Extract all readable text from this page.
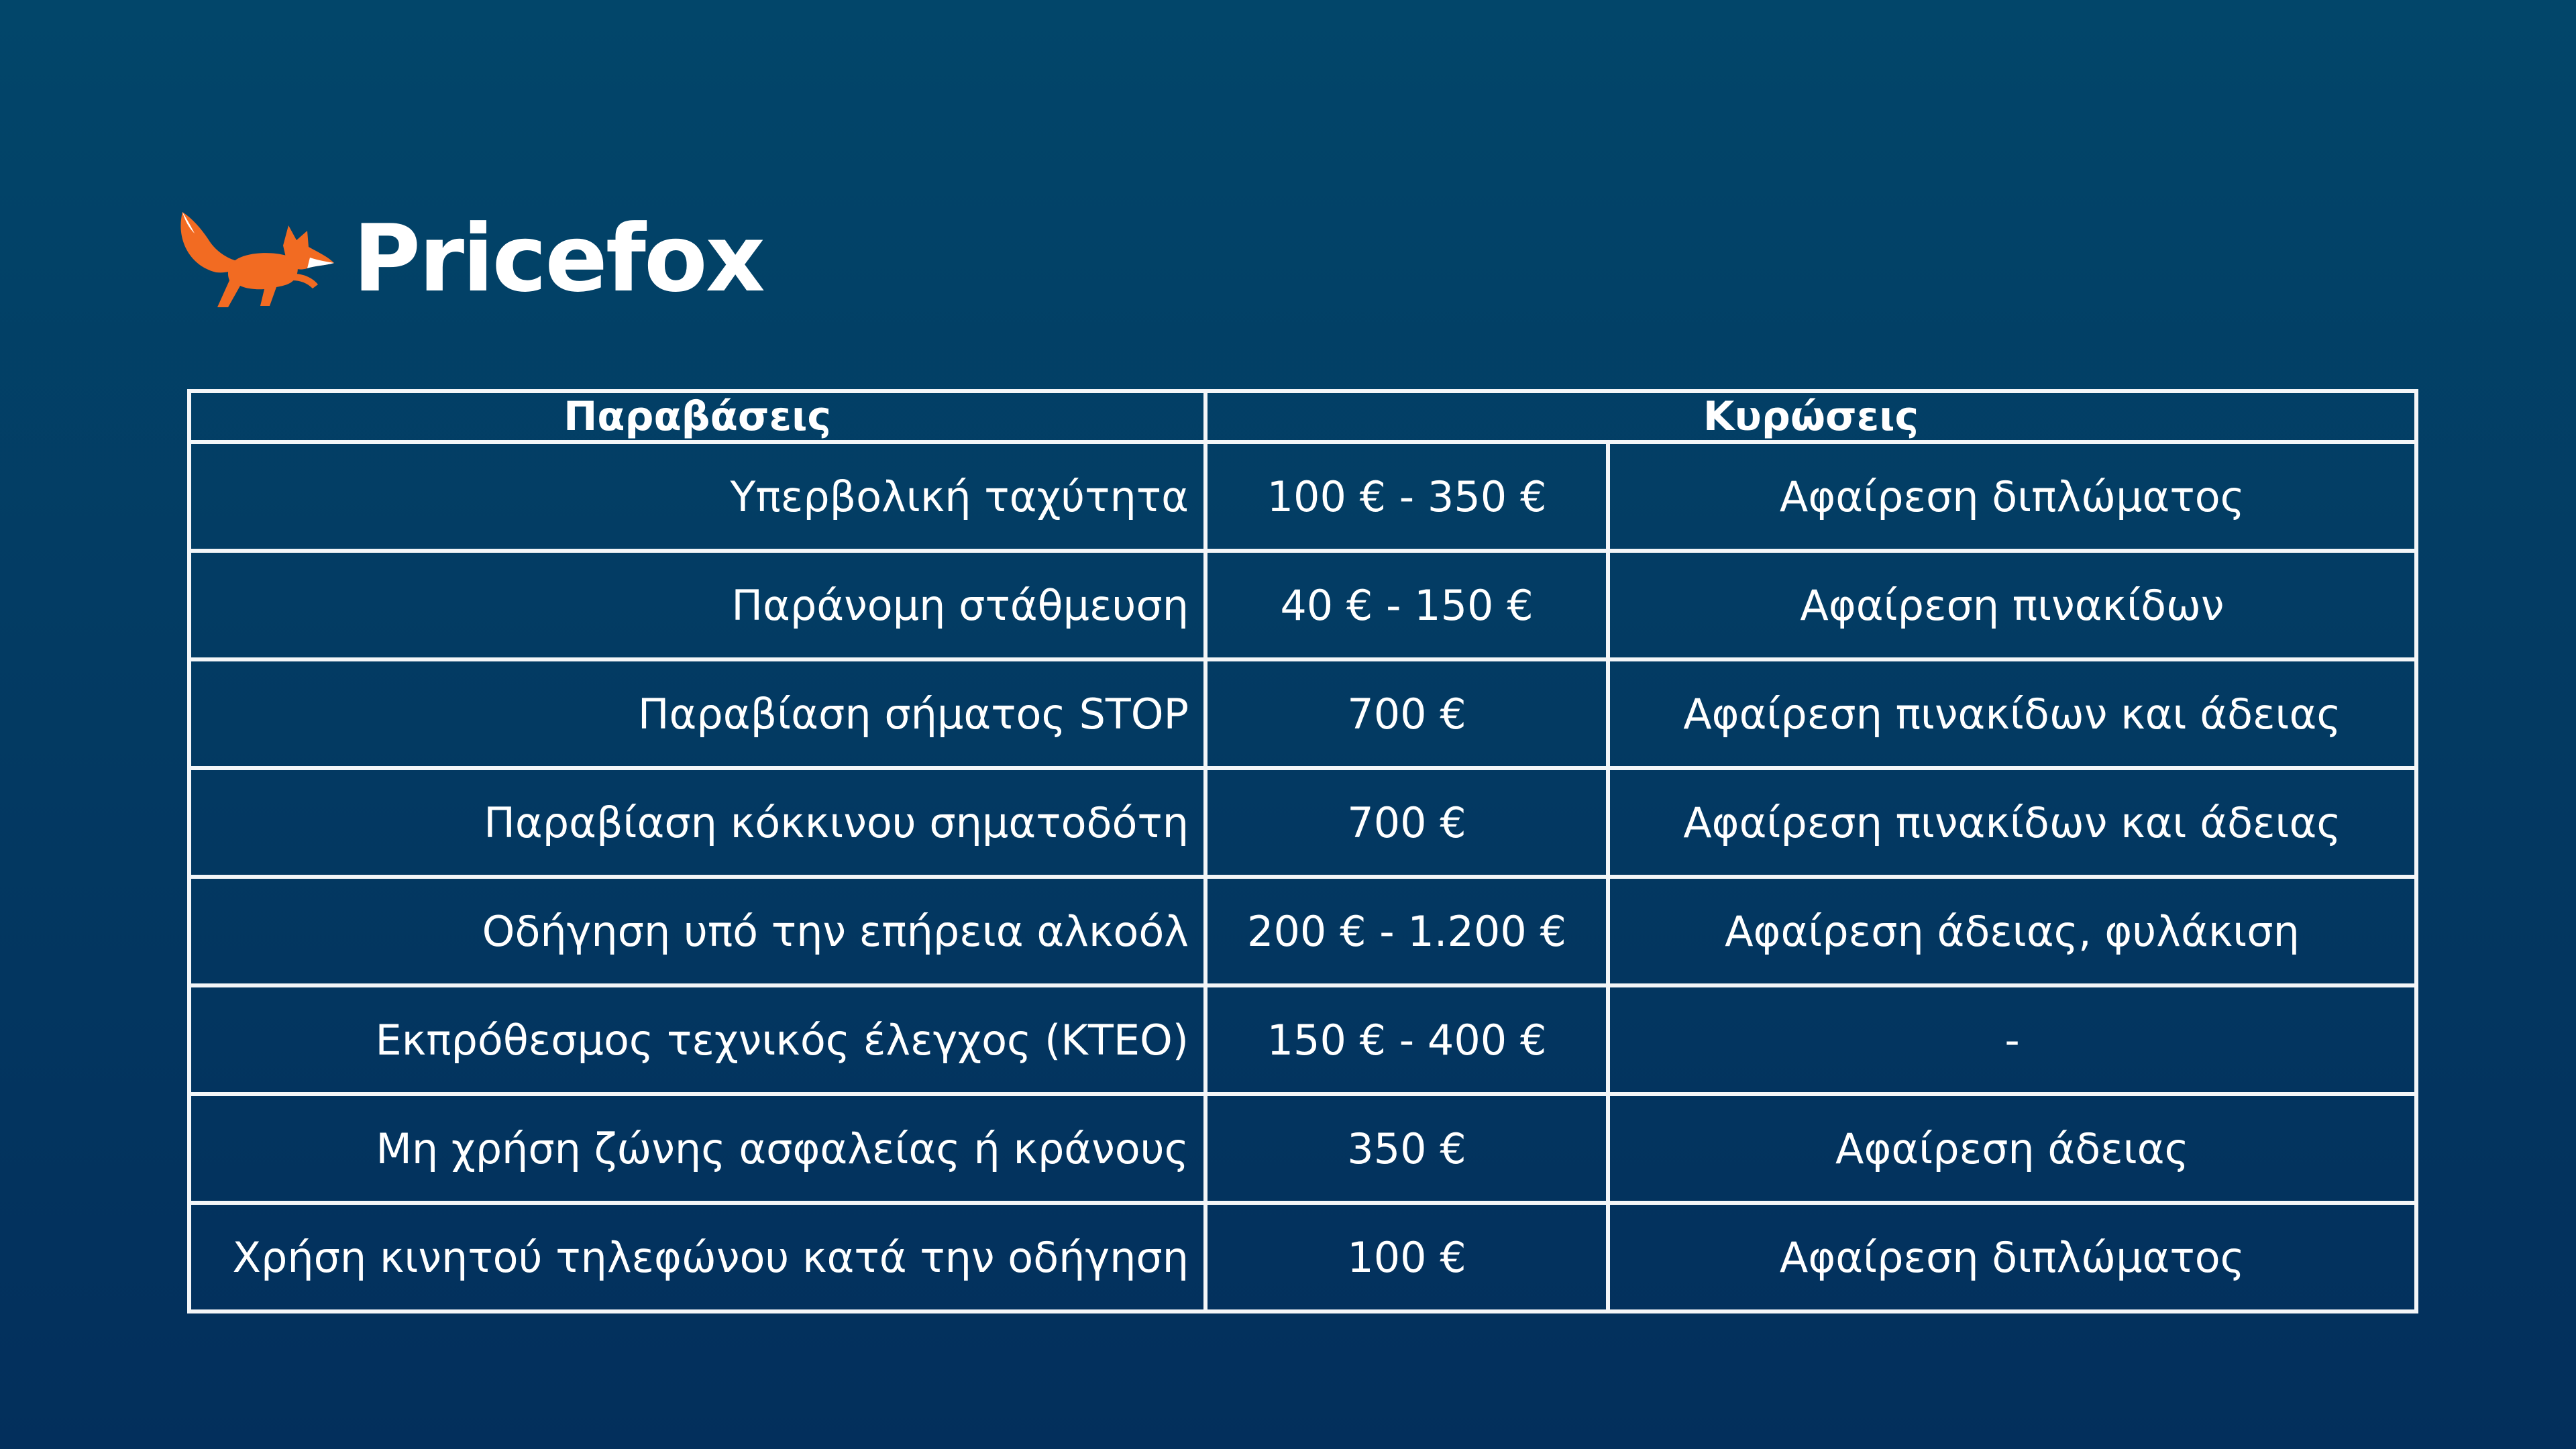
Pricefox
Παραβάσεις	Κυρώσεις	
Υπερβολική ταχύτητα	100 € - 350 €	Αφαίρεση διπλώματος
Παράνομη στάθμευση	40 € - 150 €	Αφαίρεση πινακίδων
Παραβίαση σήματος STOP	700 €	Αφαίρεση πινακίδων και άδειας
Παραβίαση κόκκινου σηματοδότη	700 €	Αφαίρεση πινακίδων και άδειας
Οδήγηση υπό την επήρεια αλκοόλ	200 € - 1.200 €	Αφαίρεση άδειας, φυλάκιση
Εκπρόθεσμος τεχνικός έλεγχος (ΚΤΕΟ)	150 € - 400 €	-
Μη χρήση ζώνης ασφαλείας ή κράνους	350 €	Αφαίρεση άδειας
Χρήση κινητού τηλεφώνου κατά την οδήγηση	100 €	Αφαίρεση διπλώματος
